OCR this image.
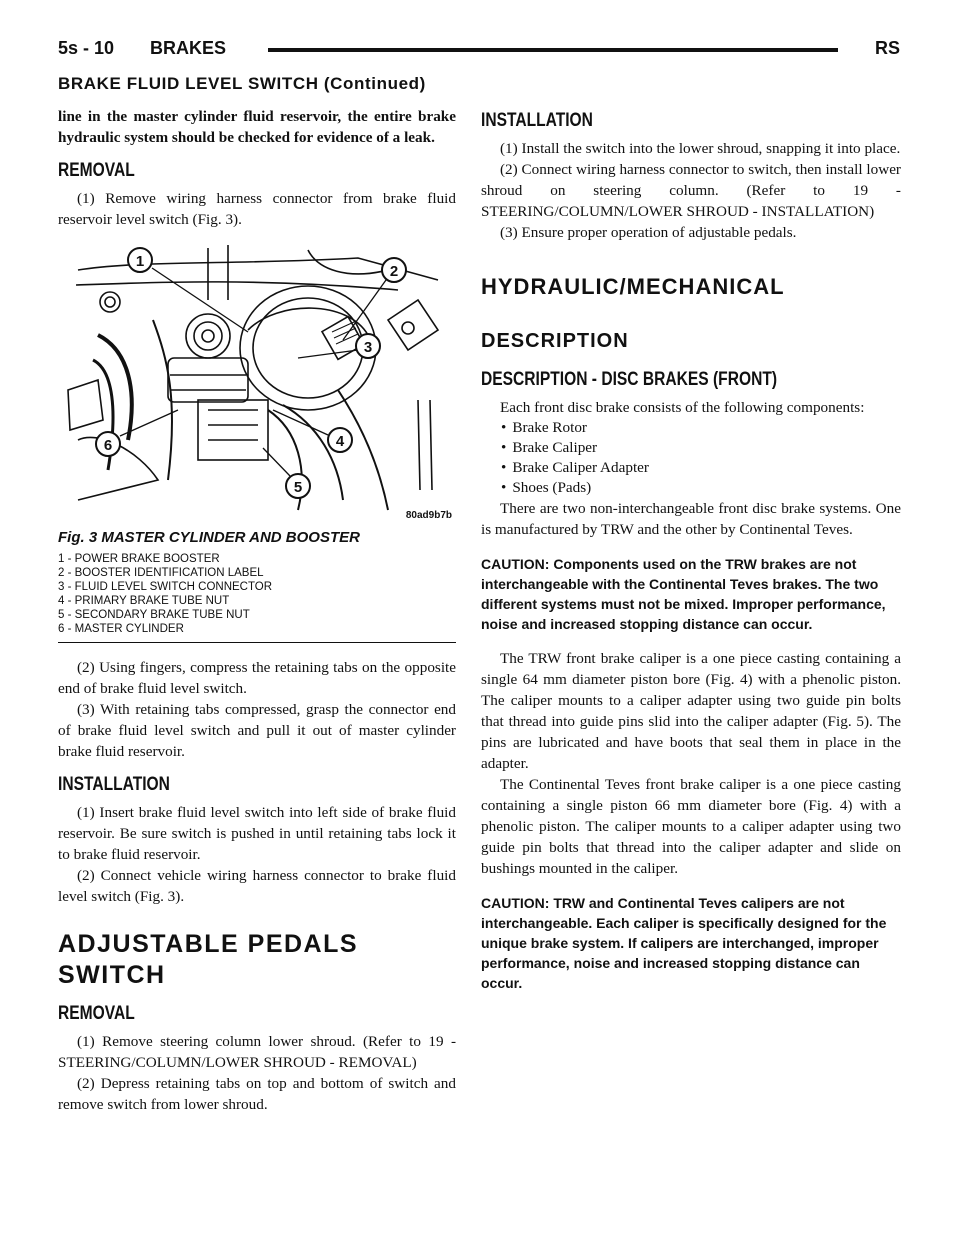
5s - 10 BRAKES	RS
BRAKE FLUID LEVEL SWITCH (Continued)

line in the master cylinder fluid reservoir, the entire brake hydraulic system should be checked for evidence of a leak.

REMOVAL

(1) Remove wiring harness connector from brake fluid reservoir level switch (Fig. 3).

1
2
3
4
5
6
80ad9b7b
Fig. 3 MASTER CYLINDER AND BOOSTER
1 - POWER BRAKE BOOSTER
2 - BOOSTER IDENTIFICATION LABEL
3 - FLUID LEVEL SWITCH CONNECTOR
4 - PRIMARY BRAKE TUBE NUT
5 - SECONDARY BRAKE TUBE NUT
6 - MASTER CYLINDER

(2) Using fingers, compress the retaining tabs on the opposite end of brake fluid level switch.

(3) With retaining tabs compressed, grasp the connector end of brake fluid level switch and pull it out of master cylinder brake fluid reservoir.

INSTALLATION

(1) Insert brake fluid level switch into left side of brake fluid reservoir. Be sure switch is pushed in until retaining tabs lock it to brake fluid reservoir.

(2) Connect vehicle wiring harness connector to brake fluid level switch (Fig. 3).

ADJUSTABLE PEDALS
SWITCH
REMOVAL

(1) Remove steering column lower shroud. (Refer to 19 - STEERING/COLUMN/LOWER SHROUD - REMOVAL)

(2) Depress retaining tabs on top and bottom of switch and remove switch from lower shroud.

INSTALLATION

(1) Install the switch into the lower shroud, snapping it into place.

(2) Connect wiring harness connector to switch, then install lower shroud on steering column. (Refer to 19 - STEERING/COLUMN/LOWER SHROUD - INSTALLATION)

(3) Ensure proper operation of adjustable pedals.

HYDRAULIC/MECHANICAL
DESCRIPTION
DESCRIPTION - DISC BRAKES (FRONT)

Each front disc brake consists of the following components:

• Brake Rotor
• Brake Caliper
• Brake Caliper Adapter
• Shoes (Pads)

There are two non-interchangeable front disc brake systems. One is manufactured by TRW and the other by Continental Teves.

CAUTION: Components used on the TRW brakes are not interchangeable with the Continental Teves brakes. The two different systems must not be mixed. Improper performance, noise and increased stopping distance can occur.

The TRW front brake caliper is a one piece casting containing a single 64 mm diameter piston bore (Fig. 4) with a phenolic piston. The caliper mounts to a caliper adapter using two guide pin bolts that thread into guide pins slid into the caliper adapter (Fig. 5). The pins are lubricated and have boots that seal them in place in the adapter.

The Continental Teves front brake caliper is a one piece casting containing a single piston 66 mm diameter bore (Fig. 4) with a phenolic piston. The caliper mounts to a caliper adapter using two guide pin bolts that thread into the caliper adapter and slide on bushings mounted in the caliper.

CAUTION: TRW and Continental Teves calipers are not interchangeable. Each caliper is specifically designed for the unique brake system. If calipers are interchanged, improper performance, noise and increased stopping distance can occur.
